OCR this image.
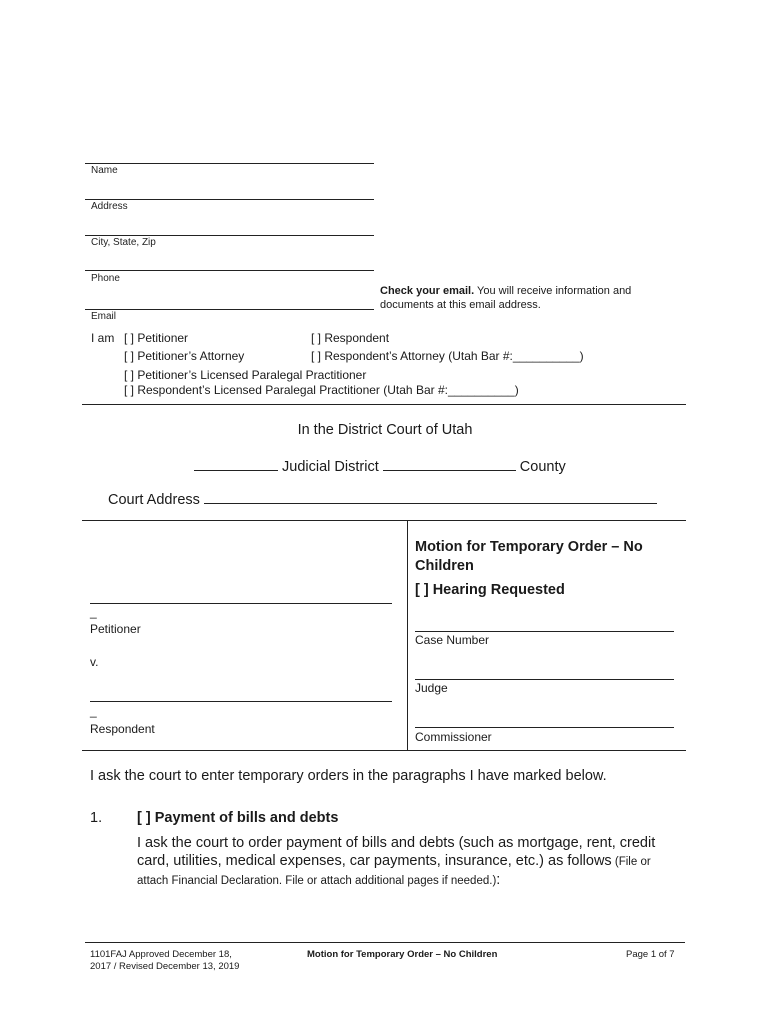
Name
Address
City, State, Zip
Phone
Email
Check your email. You will receive information and
documents at this email address.
I am [ ] Petitioner	[ ] Respondent
[ ] Petitioner’s Attorney	[ ] Respondent’s Attorney (Utah Bar #:__________)
[ ] Petitioner’s Licensed Paralegal Practitioner
[ ] Respondent’s Licensed Paralegal Practitioner (Utah Bar #:__________)
In the District Court of Utah
Judicial District	County
Court Address
_
Petitioner
v.
_
Respondent
Motion for Temporary Order – No Children
[ ] Hearing Requested
Case Number
Judge
Commissioner
I ask the court to enter temporary orders in the paragraphs I have marked below.
1. [ ] Payment of bills and debts
I ask the court to order payment of bills and debts (such as mortgage, rent, credit
card, utilities, medical expenses, car payments, insurance, etc.) as follows (File or
attach Financial Declaration. File or attach additional pages if needed.):
1101FAJ Approved December 18,
2017 / Revised December 13, 2019
Motion for Temporary Order – No Children	Page 1 of 7
